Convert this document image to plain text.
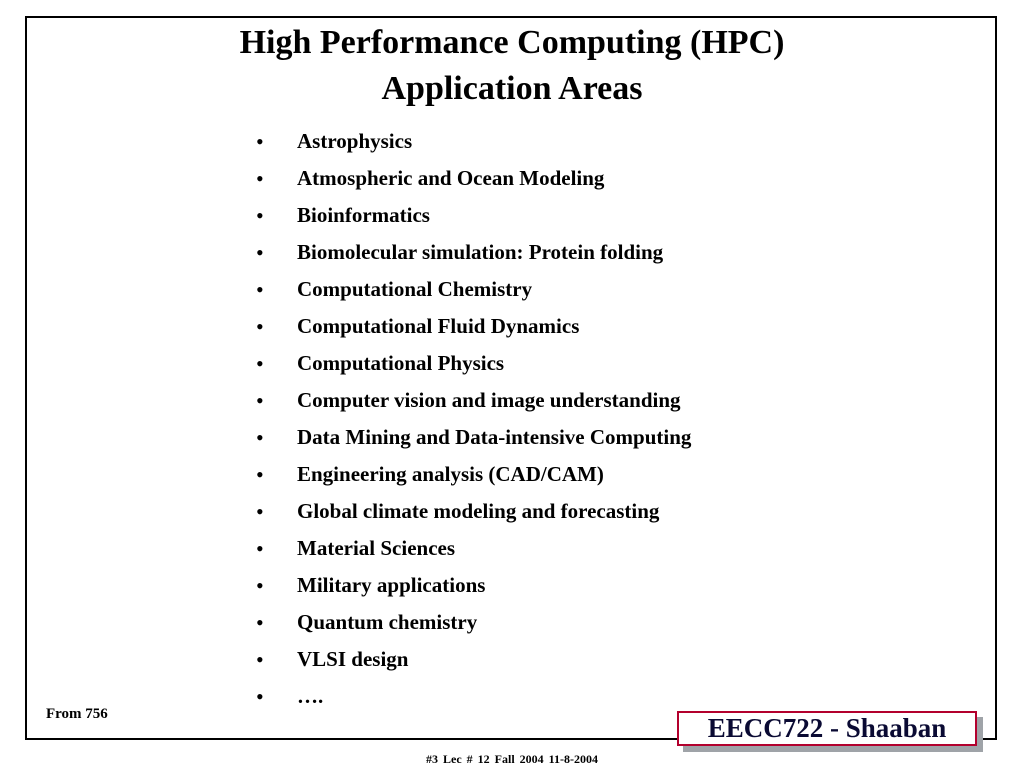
High Performance Computing (HPC)
Application Areas
• Astrophysics
• Atmospheric and Ocean Modeling
• Bioinformatics
• Biomolecular simulation: Protein folding
• Computational Chemistry
• Computational Fluid Dynamics
• Computational Physics
• Computer vision and image understanding
• Data Mining and Data-intensive Computing
• Engineering analysis (CAD/CAM)
• Global climate modeling and forecasting
• Material Sciences
• Military applications
• Quantum chemistry
• VLSI design
• ….
From 756	EECC722 - Shaaban
#3 Lec # 12 Fall 2004 11-8-2004
